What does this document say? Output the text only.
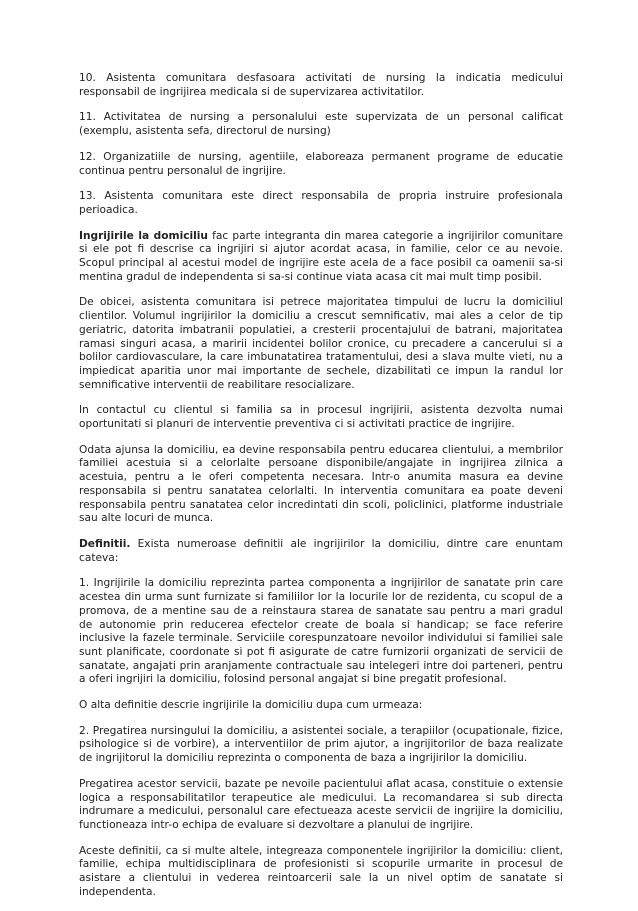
10. Asistenta comunitara desfasoara activitati de nursing la indicatia medicului responsabil de ingrijirea medicala si de supervizarea activitatilor.

11. Activitatea de nursing a personalului este supervizata de un personal calificat (exemplu, asistenta sefa, directorul de nursing)

12. Organizatiile de nursing, agentiile, elaboreaza permanent programe de educatie continua pentru personalul de ingrijire.

13. Asistenta comunitara este direct responsabila de propria instruire profesionala perioadica.

Ingrijirile la domiciliu fac parte integranta din marea categorie a ingrijirilor comunitare si ele pot fi descrise ca ingrijiri si ajutor acordat acasa, in familie, celor ce au nevoie. Scopul principal al acestui model de ingrijire este acela de a face posibil ca oamenii sa-si mentina gradul de independenta si sa-si continue viata acasa cit mai mult timp posibil.

De obicei, asistenta comunitara isi petrece majoritatea timpului de lucru la domiciliul clientilor. Volumul ingrijirilor la domiciliu a crescut semnificativ, mai ales a celor de tip geriatric, datorita imbatranii populatiei, a cresterii procentajului de batrani, majoritatea ramasi singuri acasa, a maririi incidentei bolilor cronice, cu precadere a cancerului si a bolilor cardiovasculare, la care imbunatatirea tratamentului, desi a slava multe vieti, nu a impiedicat aparitia unor mai importante de sechele, dizabilitati ce impun la randul lor semnificative interventii de reabilitare resocializare.

In contactul cu clientul si familia sa in procesul ingrijirii, asistenta dezvolta numai oportunitati si planuri de interventie preventiva ci si activitati practice de ingrijire.

Odata ajunsa la domiciliu, ea devine responsabila pentru educarea clientului, a membrilor familiei acestuia si a celorlalte persoane disponibile/angajate in ingrijirea zilnica a acestuia, pentru a le oferi competenta necesara. Intr-o anumita masura ea devine responsabila si pentru sanatatea celorlalti. In interventia comunitara ea poate deveni responsabila pentru sanatatea celor incredintati din scoli, policlinici, platforme industriale sau alte locuri de munca.

Definitii. Exista numeroase definitii ale ingrijirilor la domiciliu, dintre care enuntam cateva:

1. Ingrijirile la domiciliu reprezinta partea componenta a ingrijirilor de sanatate prin care acestea din urma sunt furnizate si familiilor lor la locurile lor de rezidenta, cu scopul de a promova, de a mentine sau de a reinstaura starea de sanatate sau pentru a mari gradul de autonomie prin reducerea efectelor create de boala si handicap; se face referire inclusive la fazele terminale. Serviciile corespunzatoare nevoilor individului si familiei sale sunt planificate, coordonate si pot fi asigurate de catre furnizorii organizati de servicii de sanatate, angajati prin aranjamente contractuale sau intelegeri intre doi parteneri, pentru a oferi ingrijiri la domiciliu, folosind personal angajat si bine pregatit profesional.

O alta definitie descrie ingrijirile la domiciliu dupa cum urmeaza:

2. Pregatirea nursingului la domiciliu, a asistentei sociale, a terapiilor (ocupationale, fizice, psihologice si de vorbire), a interventiilor de prim ajutor, a ingrijitorilor de baza realizate de ingrijitorul la domiciliu reprezinta o componenta de baza a ingrijirilor la domiciliu.

Pregatirea acestor servicii, bazate pe nevoile pacientului aflat acasa, constituie o extensie logica a responsabilitatilor terapeutice ale medicului. La recomandarea si sub directa indrumare a medicului, personalul care efectueaza aceste servicii de ingrijire la domiciliu, functioneaza intr-o echipa de evaluare si dezvoltare a planului de ingrijire.

Aceste definitii, ca si multe altele, integreaza componentele ingrijirilor la domiciliu: client, familie, echipa multidisciplinara de profesionisti si scopurile urmarite in procesul de asistare a clientului in vederea reintoarcerii sale la un nivel optim de sanatate si independenta.
